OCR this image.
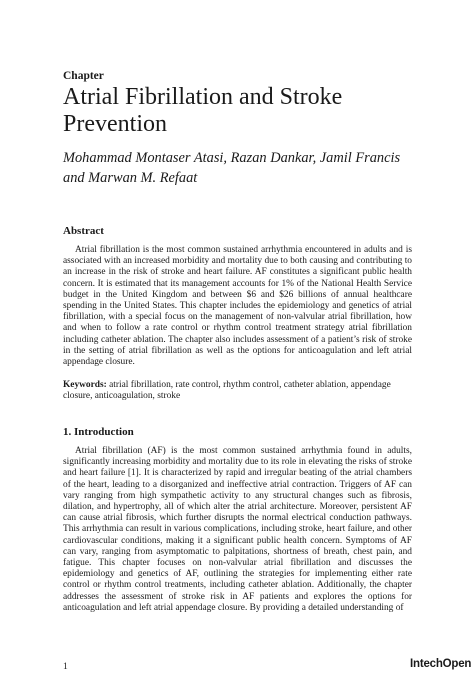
Chapter
Atrial Fibrillation and Stroke Prevention
Mohammad Montaser Atasi, Razan Dankar, Jamil Francis and Marwan M. Refaat
Abstract

Atrial fibrillation is the most common sustained arrhythmia encountered in adults and is associated with an increased morbidity and mortality due to both causing and contributing to an increase in the risk of stroke and heart failure. AF constitutes a significant public health concern. It is estimated that its management accounts for 1% of the National Health Service budget in the United Kingdom and between $6 and $26 billions of annual healthcare spending in the United States. This chapter includes the epidemiology and genetics of atrial fibrillation, with a special focus on the management of non-valvular atrial fibrillation, how and when to follow a rate control or rhythm control treatment strategy atrial fibrillation including catheter ablation. The chapter also includes assessment of a patient’s risk of stroke in the setting of atrial fibrillation as well as the options for anticoagulation and left atrial appendage closure.

Keywords: atrial fibrillation, rate control, rhythm control, catheter ablation, appendage closure, anticoagulation, stroke

1. Introduction

Atrial fibrillation (AF) is the most common sustained arrhythmia found in adults, significantly increasing morbidity and mortality due to its role in elevating the risks of stroke and heart failure [1]. It is characterized by rapid and irregular beating of the atrial chambers of the heart, leading to a disorganized and ineffective atrial contraction. Triggers of AF can vary ranging from high sympathetic activity to any structural changes such as fibrosis, dilation, and hypertrophy, all of which alter the atrial architecture. Moreover, persistent AF can cause atrial fibrosis, which further disrupts the normal electrical conduction pathways. This arrhythmia can result in various complications, including stroke, heart failure, and other cardiovascular conditions, making it a significant public health concern. Symptoms of AF can vary, ranging from asymptomatic to palpitations, shortness of breath, chest pain, and fatigue. This chapter focuses on non-valvular atrial fibrillation and discusses the epidemiology and genetics of AF, outlining the strategies for implementing either rate control or rhythm control treatments, including catheter ablation. Additionally, the chapter addresses the assessment of stroke risk in AF patients and explores the options for anticoagulation and left atrial appendage closure. By providing a detailed understanding of

1	IntechOpen
